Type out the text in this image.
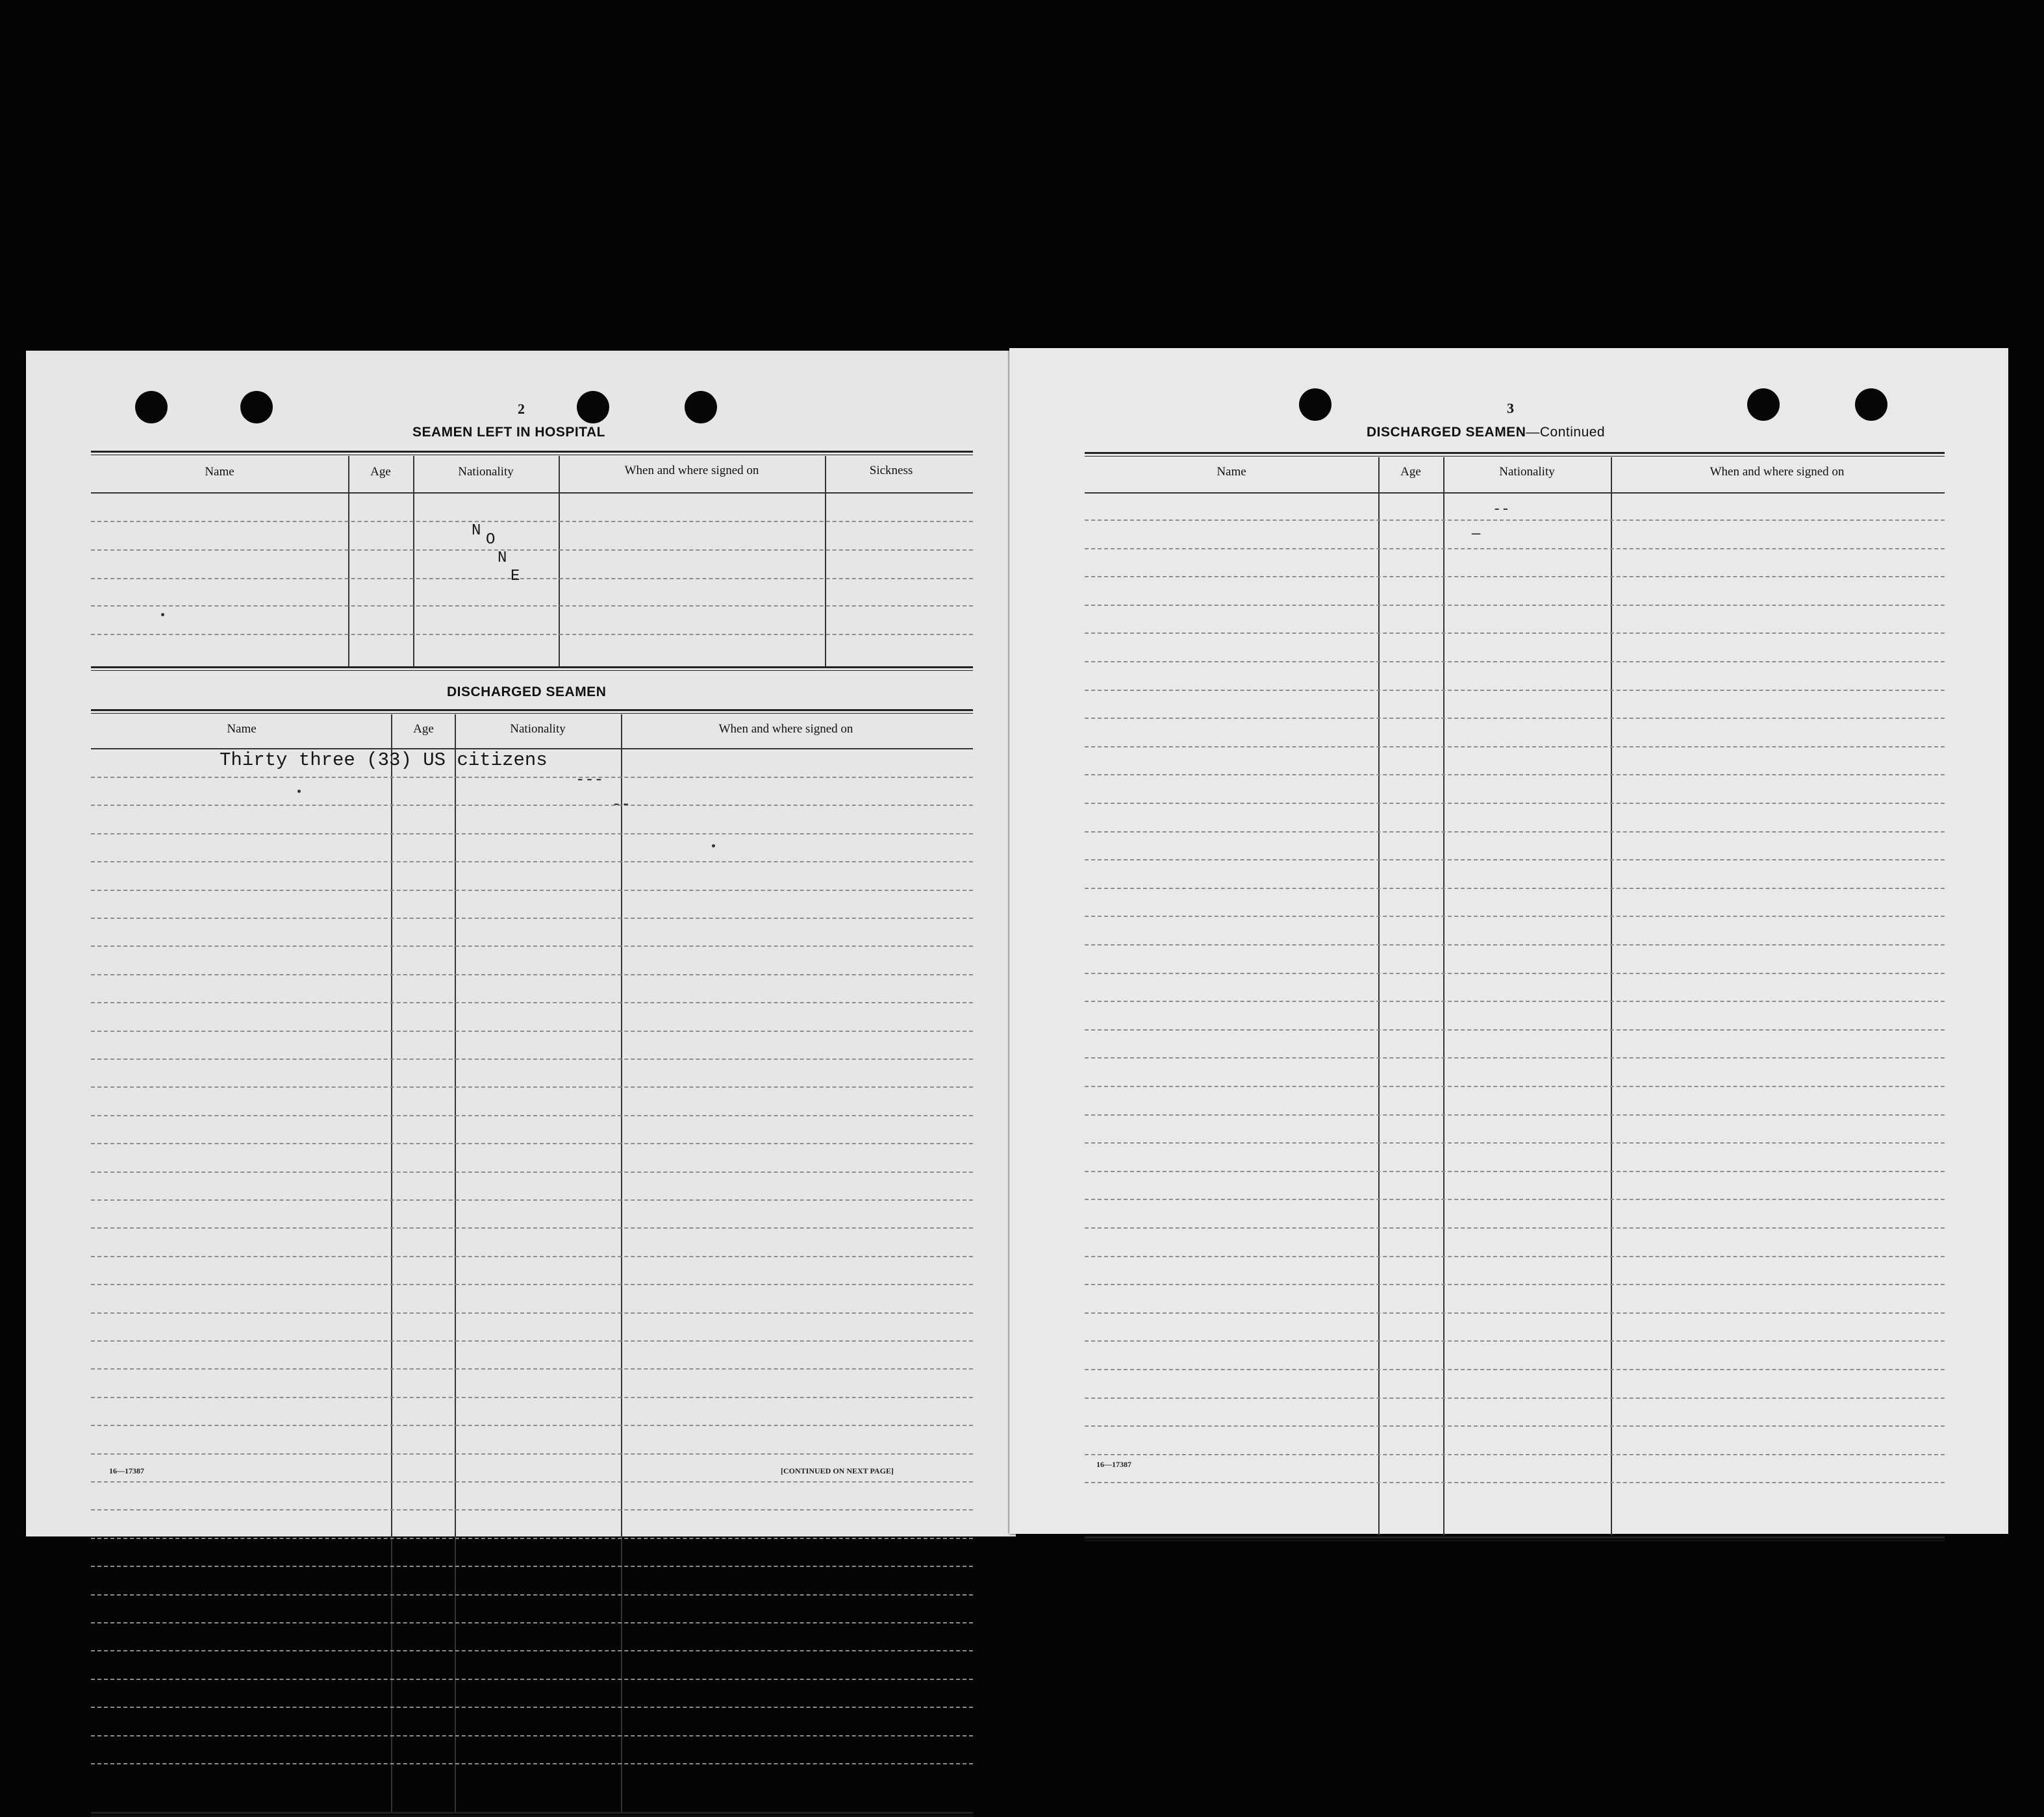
2
SEAMEN LEFT IN HOSPITAL
Name	Age	Nationality	When and where signed on	Sickness
N
O
N
E
DISCHARGED SEAMEN
Name	Age	Nationality	When and where signed on
Thirty three (33) US citizens
---
--
16—17387	[CONTINUED ON NEXT PAGE]
3
DISCHARGED SEAMEN—Continued
Name	Age	Nationality	When and where signed on
--
—
16—17387
